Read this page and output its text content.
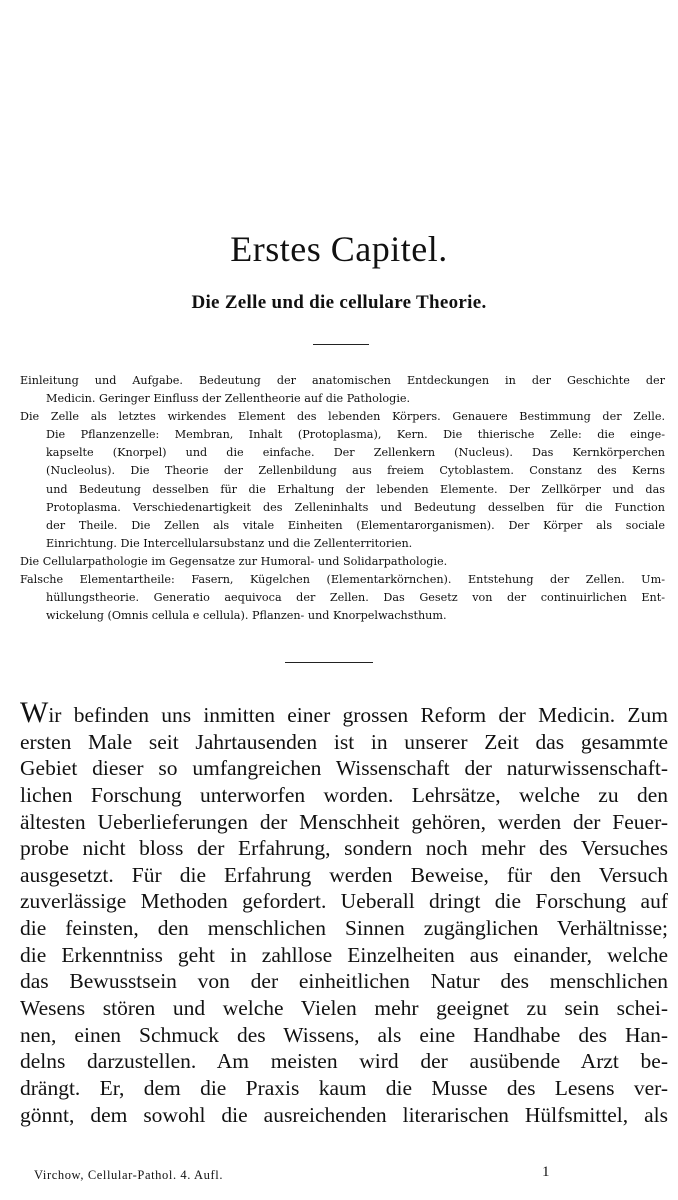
Erstes Capitel.
Die Zelle und die cellulare Theorie.
Einleitung und Aufgabe. Bedeutung der anatomischen Entdeckungen in der Geschichte der
Medicin. Geringer Einfluss der Zellentheorie auf die Pathologie.
Die Zelle als letztes wirkendes Element des lebenden Körpers. Genauere Bestimmung der Zelle.
Die Pflanzenzelle: Membran, Inhalt (Protoplasma), Kern. Die thierische Zelle: die einge-
kapselte (Knorpel) und die einfache. Der Zellenkern (Nucleus). Das Kernkörperchen
(Nucleolus). Die Theorie der Zellenbildung aus freiem Cytoblastem. Constanz des Kerns
und Bedeutung desselben für die Erhaltung der lebenden Elemente. Der Zellkörper und das
Protoplasma. Verschiedenartigkeit des Zelleninhalts und Bedeutung desselben für die Function
der Theile. Die Zellen als vitale Einheiten (Elementarorganismen). Der Körper als sociale
Einrichtung. Die Intercellularsubstanz und die Zellenterritorien.
Die Cellularpathologie im Gegensatze zur Humoral- und Solidarpathologie.
Falsche Elementartheile: Fasern, Kügelchen (Elementarkörnchen). Entstehung der Zellen. Um-
hüllungstheorie. Generatio aequivoca der Zellen. Das Gesetz von der continuirlichen Ent-
wickelung (Omnis cellula e cellula). Pflanzen- und Knorpelwachsthum.
Wir befinden uns inmitten einer grossen Reform der Medicin. Zum
ersten Male seit Jahrtausenden ist in unserer Zeit das gesammte
Gebiet dieser so umfangreichen Wissenschaft der naturwissenschaft-
lichen Forschung unterworfen worden. Lehrsätze, welche zu den
ältesten Ueberlieferungen der Menschheit gehören, werden der Feuer-
probe nicht bloss der Erfahrung, sondern noch mehr des Versuches
ausgesetzt. Für die Erfahrung werden Beweise, für den Versuch
zuverlässige Methoden gefordert. Ueberall dringt die Forschung auf
die feinsten, den menschlichen Sinnen zugänglichen Verhältnisse;
die Erkenntniss geht in zahllose Einzelheiten aus einander, welche
das Bewusstsein von der einheitlichen Natur des menschlichen
Wesens stören und welche Vielen mehr geeignet zu sein schei-
nen, einen Schmuck des Wissens, als eine Handhabe des Han-
delns darzustellen. Am meisten wird der ausübende Arzt be-
drängt. Er, dem die Praxis kaum die Musse des Lesens ver-
gönnt, dem sowohl die ausreichenden literarischen Hülfsmittel, als
Virchow, Cellular-Pathol. 4. Aufl.	1
